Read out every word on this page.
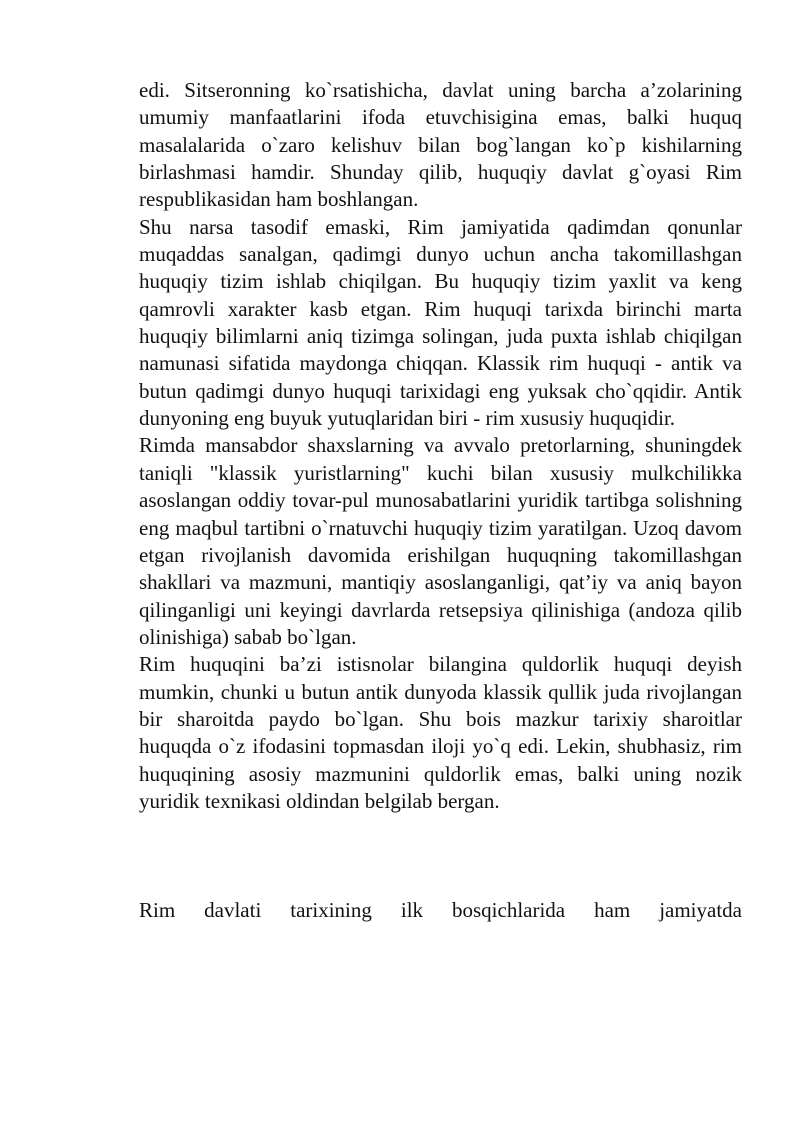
edi. Sitseronning ko`rsatishicha, davlat uning barcha a’zolarining umumiy manfaatlarini ifoda etuvchisigina emas, balki huquq masalalarida o`zaro kelishuv bilan bog`langan ko`p kishilarning birlashmasi hamdir. Shunday qilib, huquqiy davlat g`oyasi Rim respublikasidan ham boshlangan.

Shu narsa tasodif emaski, Rim jamiyatida qadimdan qonunlar muqaddas sanalgan, qadimgi dunyo uchun ancha takomillashgan huquqiy tizim ishlab chiqilgan. Bu huquqiy tizim yaxlit va keng qamrovli xarakter kasb etgan. Rim huquqi tarixda birinchi marta huquqiy bilimlarni aniq tizimga solingan, juda puxta ishlab chiqilgan namunasi sifatida maydonga chiqqan. Klassik rim huquqi - antik va butun qadimgi dunyo huquqi tarixidagi eng yuksak cho`qqidir. Antik dunyoning eng buyuk yutuqlaridan biri - rim xususiy huquqidir.

Rimda mansabdor shaxslarning va avvalo pretorlarning, shuningdek taniqli "klassik yuristlarning" kuchi bilan xususiy mulkchilikka asoslangan oddiy tovar-pul munosabatlarini yuridik tartibga solishning eng maqbul tartibni o`rnatuvchi huquqiy tizim yaratilgan. Uzoq davom etgan rivojlanish davomida erishilgan huquqning takomillashgan shakllari va mazmuni, mantiqiy asoslanganligi, qat’iy va aniq bayon qilinganligi uni keyingi davrlarda retsepsiya qilinishiga (andoza qilib olinishiga) sabab bo`lgan.

Rim huquqini ba’zi istisnolar bilangina quldorlik huquqi deyish mumkin, chunki u butun antik dunyoda klassik qullik juda rivojlangan bir sharoitda paydo bo`lgan. Shu bois mazkur tarixiy sharoitlar huquqda o`z ifodasini topmasdan iloji yo`q edi. Lekin, shubhasiz, rim huquqining asosiy mazmunini quldorlik emas, balki uning nozik yuridik texnikasi oldindan belgilab bergan.

Rim davlati tarixining ilk bosqichlarida ham jamiyatda
